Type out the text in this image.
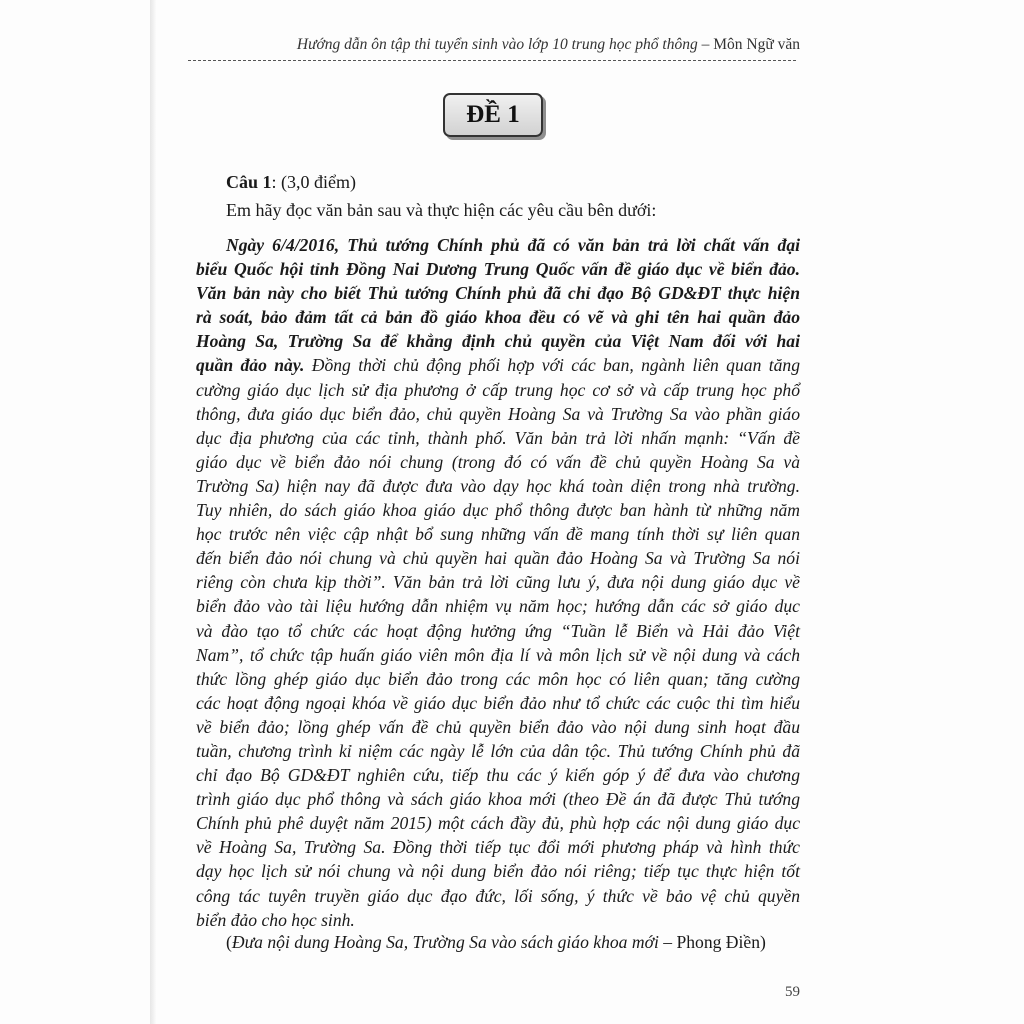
Hướng dẫn ôn tập thi tuyển sinh vào lớp 10 trung học phổ thông – Môn Ngữ văn
ĐỀ 1
Câu 1: (3,0 điểm)
Em hãy đọc văn bản sau và thực hiện các yêu cầu bên dưới:
Ngày 6/4/2016, Thủ tướng Chính phủ đã có văn bản trả lời chất vấn đại
biểu Quốc hội tỉnh Đồng Nai Dương Trung Quốc vấn đề giáo dục về biển đảo.
Văn bản này cho biết Thủ tướng Chính phủ đã chỉ đạo Bộ GD&ĐT thực hiện
rà soát, bảo đảm tất cả bản đồ giáo khoa đều có vẽ và ghi tên hai quần đảo
Hoàng Sa, Trường Sa để khẳng định chủ quyền của Việt Nam đối với hai
quần đảo này. Đồng thời chủ động phối hợp với các ban, ngành liên quan tăng
cường giáo dục lịch sử địa phương ở cấp trung học cơ sở và cấp trung học phổ
thông, đưa giáo dục biển đảo, chủ quyền Hoàng Sa và Trường Sa vào phần giáo
dục địa phương của các tỉnh, thành phố. Văn bản trả lời nhấn mạnh: “Vấn đề
giáo dục về biển đảo nói chung (trong đó có vấn đề chủ quyền Hoàng Sa và
Trường Sa) hiện nay đã được đưa vào dạy học khá toàn diện trong nhà trường.
Tuy nhiên, do sách giáo khoa giáo dục phổ thông được ban hành từ những năm
học trước nên việc cập nhật bổ sung những vấn đề mang tính thời sự liên quan
đến biển đảo nói chung và chủ quyền hai quần đảo Hoàng Sa và Trường Sa nói
riêng còn chưa kịp thời”. Văn bản trả lời cũng lưu ý, đưa nội dung giáo dục về
biển đảo vào tài liệu hướng dẫn nhiệm vụ năm học; hướng dẫn các sở giáo dục
và đào tạo tổ chức các hoạt động hưởng ứng “Tuần lễ Biển và Hải đảo Việt
Nam”, tổ chức tập huấn giáo viên môn địa lí và môn lịch sử về nội dung và cách
thức lồng ghép giáo dục biển đảo trong các môn học có liên quan; tăng cường
các hoạt động ngoại khóa về giáo dục biển đảo như tổ chức các cuộc thi tìm hiểu
về biển đảo; lồng ghép vấn đề chủ quyền biển đảo vào nội dung sinh hoạt đầu
tuần, chương trình kỉ niệm các ngày lễ lớn của dân tộc. Thủ tướng Chính phủ đã
chỉ đạo Bộ GD&ĐT nghiên cứu, tiếp thu các ý kiến góp ý để đưa vào chương
trình giáo dục phổ thông và sách giáo khoa mới (theo Đề án đã được Thủ tướng
Chính phủ phê duyệt năm 2015) một cách đầy đủ, phù hợp các nội dung giáo dục
về Hoàng Sa, Trường Sa. Đồng thời tiếp tục đổi mới phương pháp và hình thức
dạy học lịch sử nói chung và nội dung biển đảo nói riêng; tiếp tục thực hiện tốt
công tác tuyên truyền giáo dục đạo đức, lối sống, ý thức về bảo vệ chủ quyền
biển đảo cho học sinh.
(Đưa nội dung Hoàng Sa, Trường Sa vào sách giáo khoa mới – Phong Điền)
59
